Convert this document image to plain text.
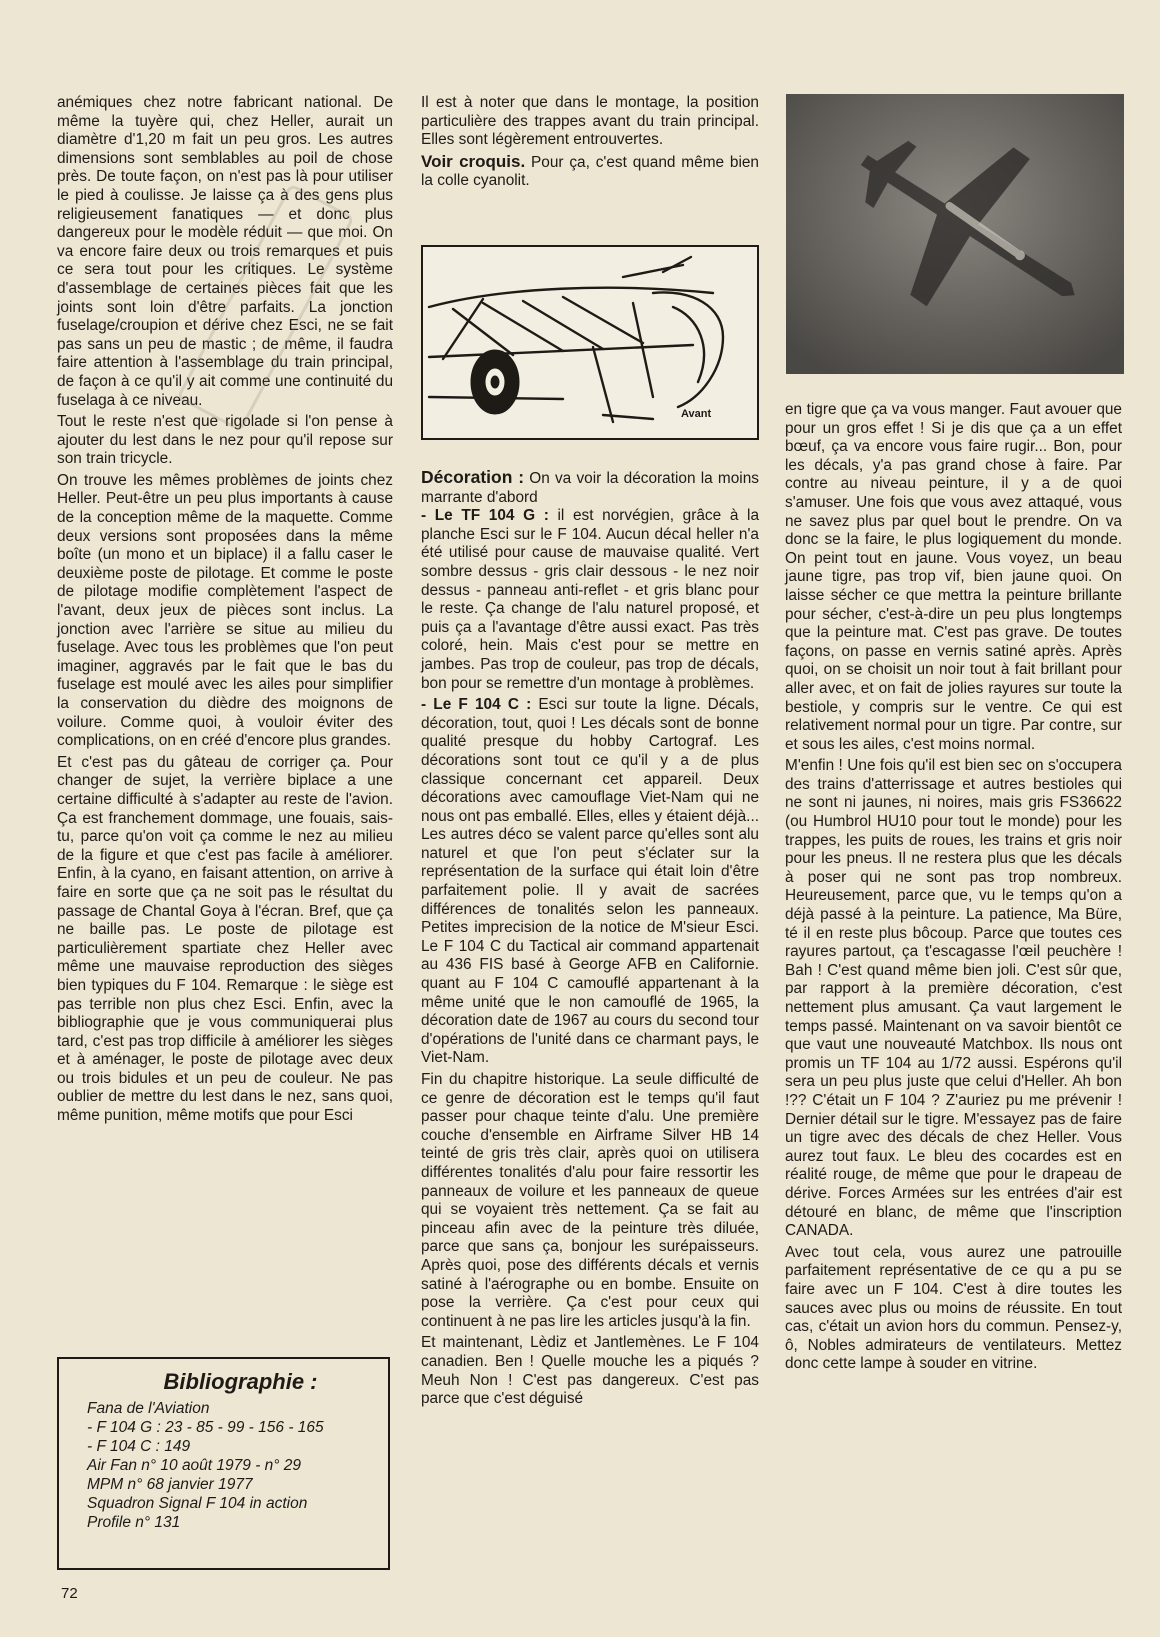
anémiques chez notre fabricant national. De même la tuyère qui, chez Heller, aurait un diamètre d'1,20 m fait un peu gros. Les autres dimensions sont semblables au poil de chose près. De toute façon, on n'est pas là pour utiliser le pied à coulisse. Je laisse ça à des gens plus religieusement fanatiques — et donc plus dangereux pour le modèle réduit — que moi. On va encore faire deux ou trois remarques et puis ce sera tout pour les critiques. Le système d'assemblage de certaines pièces fait que les joints sont loin d'être parfaits. La jonction fuselage/croupion et dérive chez Esci, ne se fait pas sans un peu de mastic ; de même, il faudra faire attention à l'assemblage du train principal, de façon à ce qu'il y ait comme une continuité du fuselaga à ce niveau.

Tout le reste n'est que rigolade si l'on pense à ajouter du lest dans le nez pour qu'il repose sur son train tricycle.

On trouve les mêmes problèmes de joints chez Heller. Peut-être un peu plus importants à cause de la conception même de la maquette. Comme deux versions sont proposées dans la même boîte (un mono et un biplace) il a fallu caser le deuxième poste de pilotage. Et comme le poste de pilotage modifie complètement l'aspect de l'avant, deux jeux de pièces sont inclus. La jonction avec l'arrière se situe au milieu du fuselage. Avec tous les problèmes que l'on peut imaginer, aggravés par le fait que le bas du fuselage est moulé avec les ailes pour simplifier la conservation du dièdre des moignons de voilure. Comme quoi, à vouloir éviter des complications, on en créé d'encore plus grandes.

Et c'est pas du gâteau de corriger ça. Pour changer de sujet, la verrière biplace a une certaine difficulté à s'adapter au reste de l'avion. Ça est franchement dommage, une fouais, sais-tu, parce qu'on voit ça comme le nez au milieu de la figure et que c'est pas facile à améliorer. Enfin, à la cyano, en faisant attention, on arrive à faire en sorte que ça ne soit pas le résultat du passage de Chantal Goya à l'écran. Bref, que ça ne baille pas. Le poste de pilotage est particulièrement spartiate chez Heller avec même une mauvaise reproduction des sièges bien typiques du F 104. Remarque : le siège est pas terrible non plus chez Esci. Enfin, avec la bibliographie que je vous communiquerai plus tard, c'est pas trop difficile à améliorer les sièges et à aménager, le poste de pilotage avec deux ou trois bidules et un peu de couleur. Ne pas oublier de mettre du lest dans le nez, sans quoi, même punition, même motifs que pour Esci

Il est à noter que dans le montage, la position particulière des trappes avant du train principal. Elles sont légèrement entrouvertes.

Voir croquis. Pour ça, c'est quand même bien la colle cyanolit.

Avant

Décoration : On va voir la décoration la moins marrante d'abord
- Le TF 104 G : il est norvégien, grâce à la planche Esci sur le F 104. Aucun décal heller n'a été utilisé pour cause de mauvaise qualité. Vert sombre dessus - gris clair dessous - le nez noir dessus - panneau anti-reflet - et gris blanc pour le reste. Ça change de l'alu naturel proposé, et puis ça a l'avantage d'être aussi exact. Pas très coloré, hein. Mais c'est pour se mettre en jambes. Pas trop de couleur, pas trop de décals, bon pour se remettre d'un montage à problèmes.

- Le F 104 C : Esci sur toute la ligne. Décals, décoration, tout, quoi ! Les décals sont de bonne qualité presque du hobby Cartograf. Les décorations sont tout ce qu'il y a de plus classique concernant cet appareil. Deux décorations avec camouflage Viet-Nam qui ne nous ont pas emballé. Elles, elles y étaient déjà... Les autres déco se valent parce qu'elles sont alu naturel et que l'on peut s'éclater sur la représentation de la surface qui était loin d'être parfaitement polie. Il y avait de sacrées différences de tonalités selon les panneaux. Petites imprecision de la notice de M'sieur Esci. Le F 104 C du Tactical air command appartenait au 436 FIS basé à George AFB en Californie. quant au F 104 C camouflé appartenant à la même unité que le non camouflé de 1965, la décoration date de 1967 au cours du second tour d'opérations de l'unité dans ce charmant pays, le Viet-Nam.

Fin du chapitre historique. La seule difficulté de ce genre de décoration est le temps qu'il faut passer pour chaque teinte d'alu. Une première couche d'ensemble en Airframe Silver HB 14 teinté de gris très clair, après quoi on utilisera différentes tonalités d'alu pour faire ressortir les panneaux de voilure et les panneaux de queue qui se voyaient très nettement. Ça se fait au pinceau afin avec de la peinture très diluée, parce que sans ça, bonjour les surépaisseurs. Après quoi, pose des différents décals et vernis satiné à l'aérographe ou en bombe. Ensuite on pose la verrière. Ça c'est pour ceux qui continuent à ne pas lire les articles jusqu'à la fin.

Et maintenant, Lèdiz et Jantlemènes. Le F 104 canadien. Ben ! Quelle mouche les a piqués ? Meuh Non ! C'est pas dangereux. C'est pas parce que c'est déguisé

en tigre que ça va vous manger. Faut avouer que pour un gros effet ! Si je dis que ça a un effet bœuf, ça va encore vous faire rugir... Bon, pour les décals, y'a pas grand chose à faire. Par contre au niveau peinture, il y a de quoi s'amuser. Une fois que vous avez attaqué, vous ne savez plus par quel bout le prendre. On va donc se la faire, le plus logiquement du monde. On peint tout en jaune. Vous voyez, un beau jaune tigre, pas trop vif, bien jaune quoi. On laisse sécher ce que mettra la peinture brillante pour sécher, c'est-à-dire un peu plus longtemps que la peinture mat. C'est pas grave. De toutes façons, on passe en vernis satiné après. Après quoi, on se choisit un noir tout à fait brillant pour aller avec, et on fait de jolies rayures sur toute la bestiole, y compris sur le ventre. Ce qui est relativement normal pour un tigre. Par contre, sur et sous les ailes, c'est moins normal.

M'enfin ! Une fois qu'il est bien sec on s'occupera des trains d'atterrissage et autres bestioles qui ne sont ni jaunes, ni noires, mais gris FS36622 (ou Humbrol HU10 pour tout le monde) pour les trappes, les puits de roues, les trains et gris noir pour les pneus. Il ne restera plus que les décals à poser qui ne sont pas trop nombreux. Heureusement, parce que, vu le temps qu'on a déjà passé à la peinture. La patience, Ma Büre, té il en reste plus bôcoup. Parce que toutes ces rayures partout, ça t'escagasse l'œil peuchère ! Bah ! C'est quand même bien joli. C'est sûr que, par rapport à la première décoration, c'est nettement plus amusant. Ça vaut largement le temps passé. Maintenant on va savoir bientôt ce que vaut une nouveauté Matchbox. Ils nous ont promis un TF 104 au 1/72 aussi. Espérons qu'il sera un peu plus juste que celui d'Heller. Ah bon !?? C'était un F 104 ? Z'auriez pu me prévenir ! Dernier détail sur le tigre. M'essayez pas de faire un tigre avec des décals de chez Heller. Vous aurez tout faux. Le bleu des cocardes est en réalité rouge, de même que pour le drapeau de dérive. Forces Armées sur les entrées d'air est détouré en blanc, de même que l'inscription CANADA.

Avec tout cela, vous aurez une patrouille parfaitement représentative de ce qu a pu se faire avec un F 104. C'est à dire toutes les sauces avec plus ou moins de réussite. En tout cas, c'était un avion hors du commun. Pensez-y, ô, Nobles admirateurs de ventilateurs. Mettez donc cette lampe à souder en vitrine.

Bibliographie :
Fana de l'Aviation
- F 104 G : 23 - 85 - 99 - 156 - 165
- F 104 C : 149
Air Fan n° 10 août 1979 - n° 29
MPM n° 68 janvier 1977
Squadron Signal F 104 in action
Profile n° 131
72
